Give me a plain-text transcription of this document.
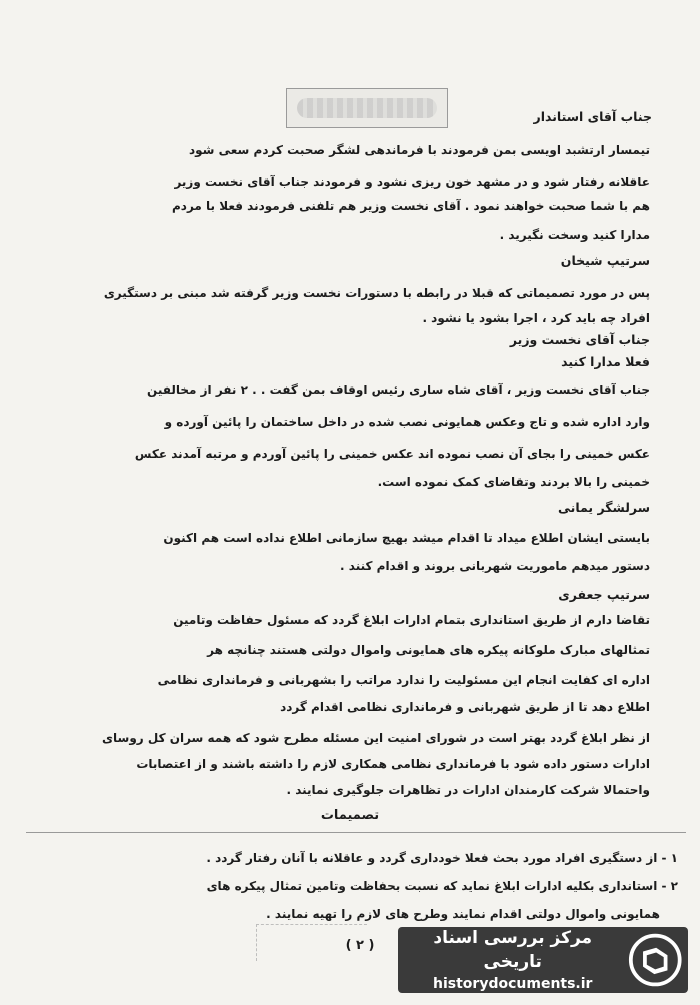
جناب آقای استاندار
تیمسار ارتشبد اویسی بمن فرمودند با فرماندهی لشگر صحبت کردم سعی شود
عاقلانه رفتار شود و در مشهد خون ریزی نشود و فرمودند جناب آقای نخست وزیر
هم با شما صحبت خواهند نمود . آقای نخست وزیر هم تلفنی فرمودند فعلا با مردم
مدارا کنید وسخت نگیرید .
سرتیپ شیخان
پس در مورد تصمیماتی که قبلا در رابطه با دستورات نخست وزیر گرفته شد مبنی بر دستگیری
افراد چه باید کرد ، اجرا بشود یا نشود .
جناب آقای نخست وزیر
فعلا مدارا کنید
جناب آقای نخست وزیر ، آقای شاه ساری رئیس اوقاف بمن گفت . . ۲ نفر از مخالفین
وارد اداره شده و تاج وعکس همایونی نصب شده در داخل ساختمان را پائین آورده و
عکس خمینی را بجای آن نصب نموده اند عکس خمینی را پائین آوردم و مرتبه آمدند عکس
خمینی را بالا بردند وتقاضای کمک نموده است.
سرلشگر یمانی
بایستی ایشان اطلاع میداد تا اقدام میشد بهیچ سازمانی اطلاع نداده است هم اکنون
دستور میدهم ماموریت شهربانی بروند و اقدام کنند .
سرتیپ جعفری
تقاضا دارم از طریق استانداری بتمام ادارات ابلاغ گردد که مسئول حفاظت وتامین
تمثالهای مبارک ملوکانه پیکره های همایونی واموال دولتی هستند چنانچه هر
اداره ای کفایت انجام این مسئولیت را ندارد مراتب را بشهربانی و فرمانداری نظامی
اطلاع دهد تا از طریق شهربانی و فرمانداری نظامی اقدام گردد
از نظر ابلاغ گردد بهتر است در شورای امنیت این مسئله مطرح شود که همه سران کل روسای
ادارات دستور داده شود با فرمانداری نظامی همکاری لازم را داشته باشند و از اعتصابات
واحتمالا شرکت کارمندان ادارات در تظاهرات جلوگیری نمایند .
تصمیمات
۱ - از دستگیری افراد مورد بحث فعلا خودداری گردد و عاقلانه با آنان رفتار گردد .
۲ - استانداری بکلیه ادارات ابلاغ نماید که نسبت بحفاظت وتامین تمثال پیکره های
همایونی واموال دولتی اقدام نمایند وطرح های لازم را تهیه نمایند .
( ۲ )	مرکز بررسی اسناد تاریخی
historydocuments.ir
